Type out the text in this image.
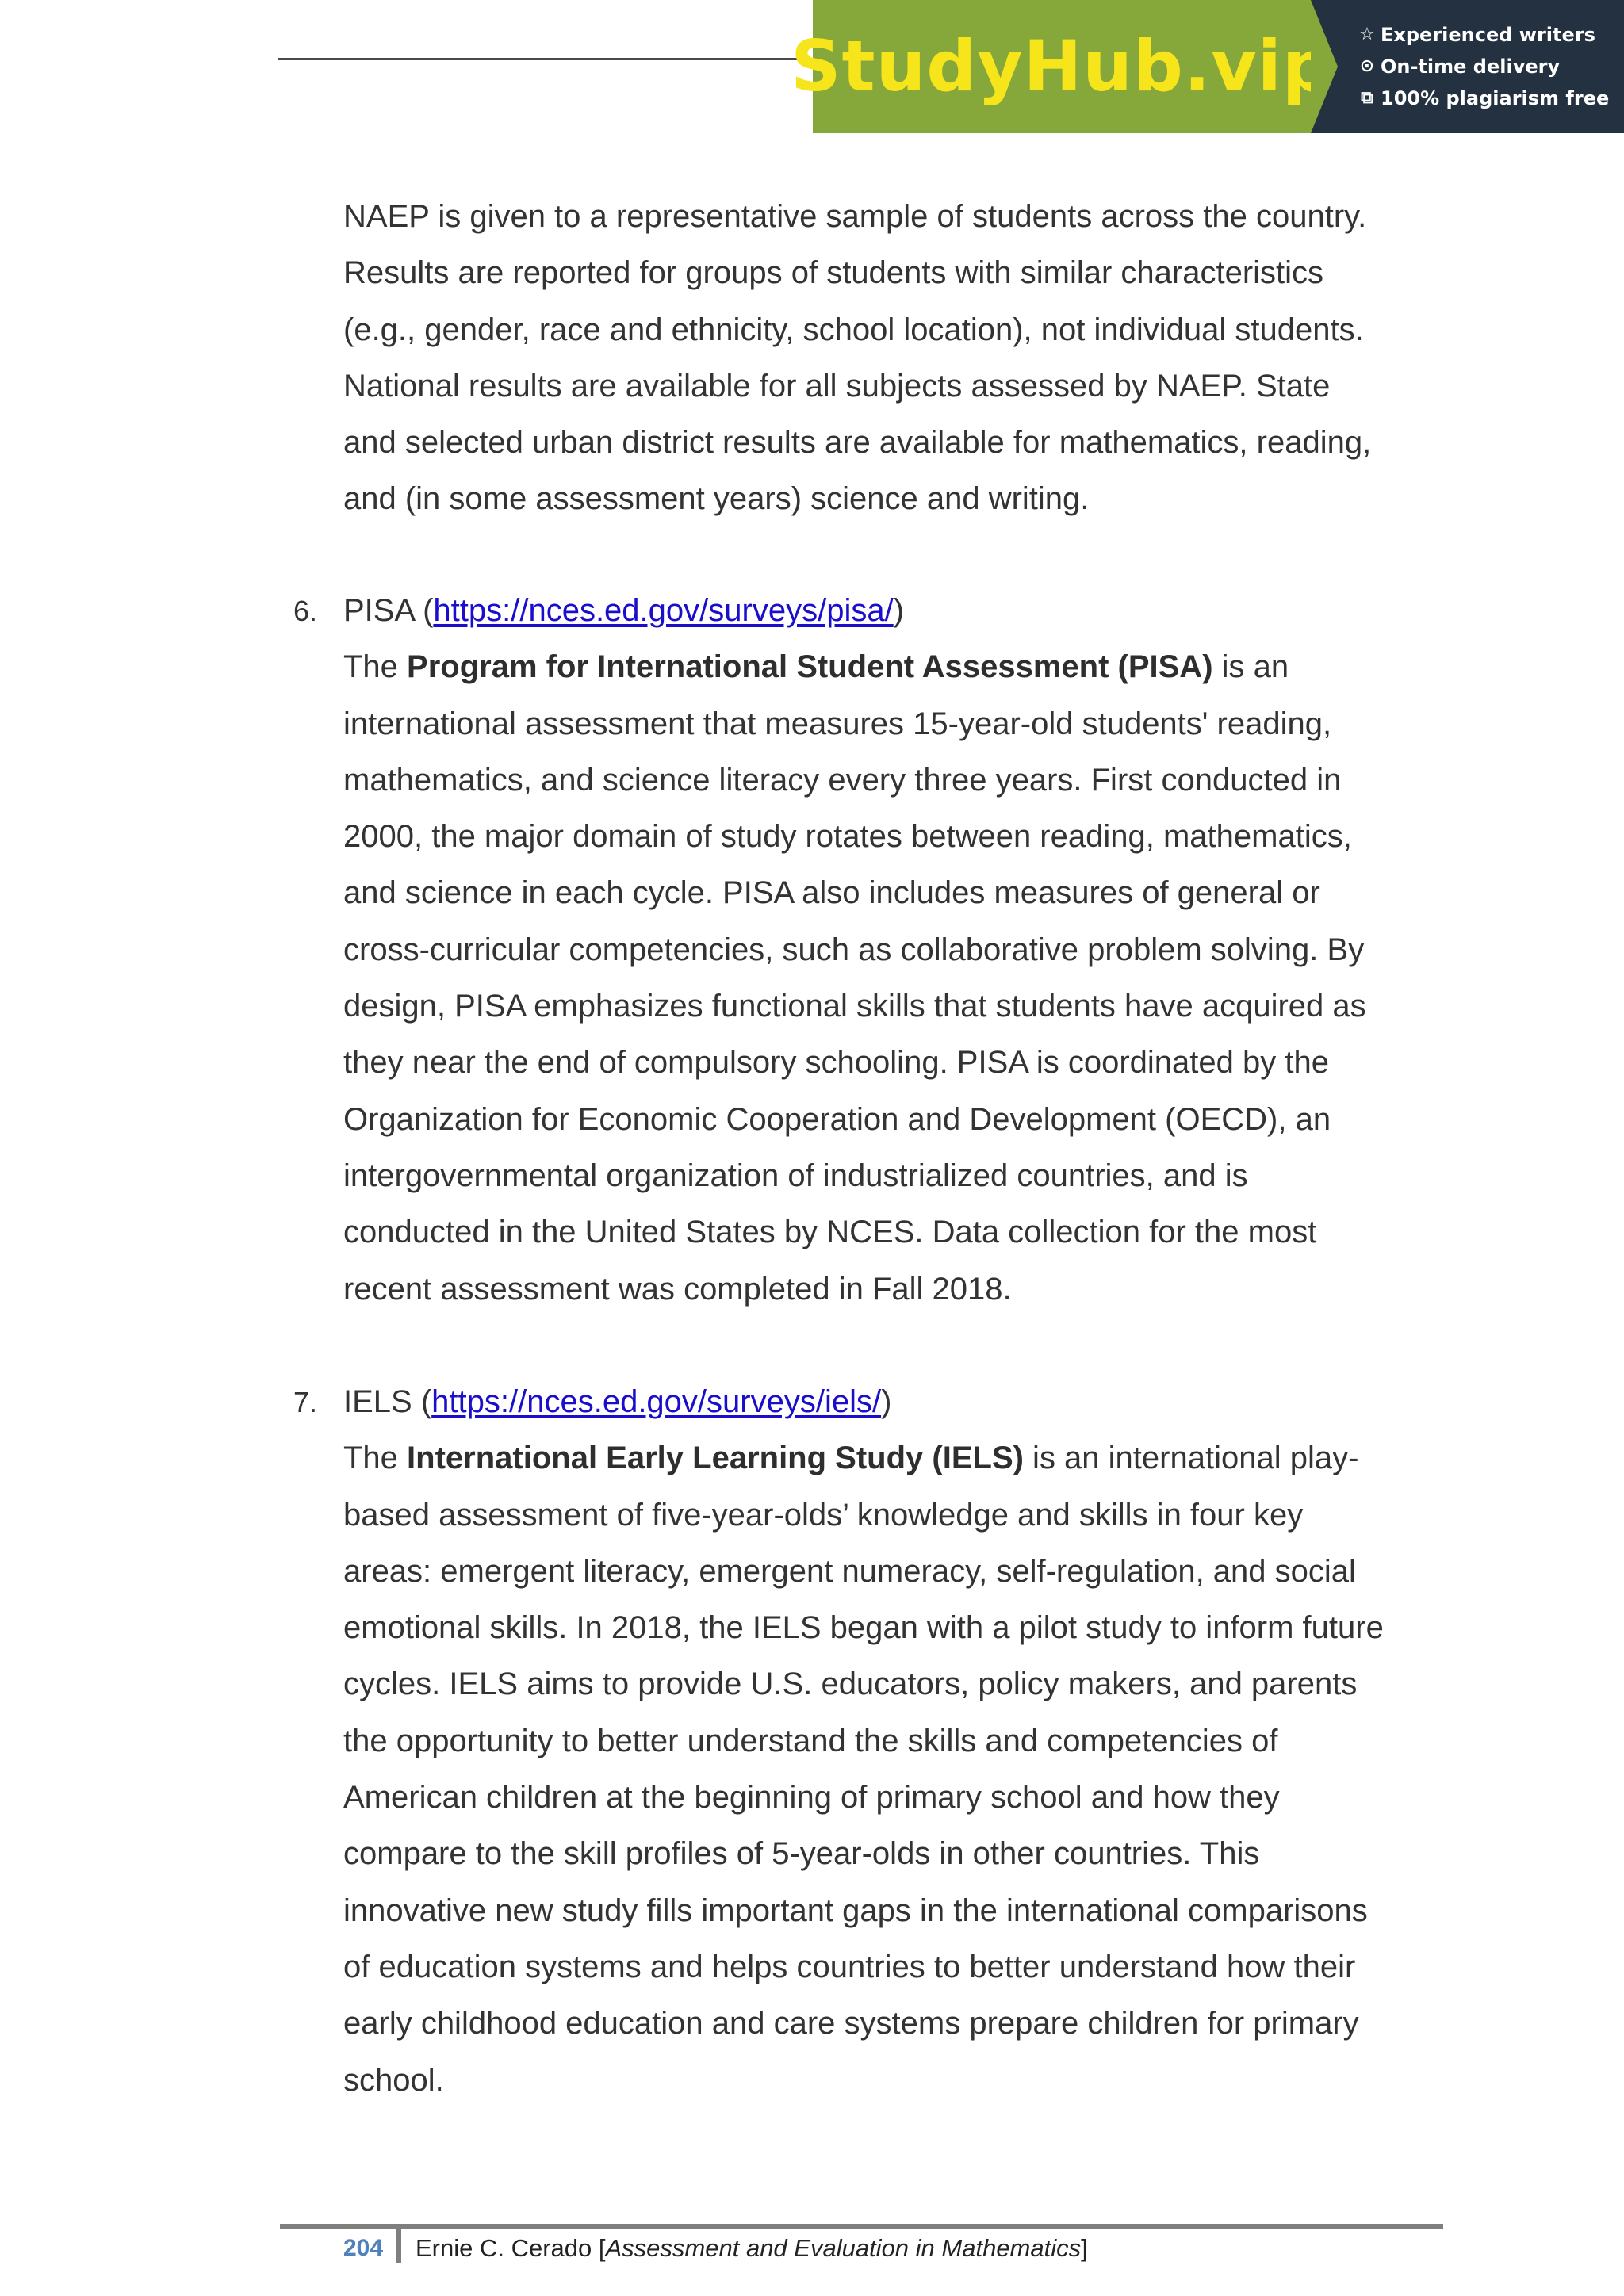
StudyHub.vip ☆ Experienced writers
⊙ On-time delivery
⧉ 100% plagiarism free
NAEP is given to a representative sample of students across the country.
Results are reported for groups of students with similar characteristics
(e.g., gender, race and ethnicity, school location), not individual students.
National results are available for all subjects assessed by NAEP. State
and selected urban district results are available for mathematics, reading,
and (in some assessment years) science and writing.
6. PISA (https://nces.ed.gov/surveys/pisa/)
The Program for International Student Assessment (PISA) is an
international assessment that measures 15-year-old students' reading,
mathematics, and science literacy every three years. First conducted in
2000, the major domain of study rotates between reading, mathematics,
and science in each cycle. PISA also includes measures of general or
cross-curricular competencies, such as collaborative problem solving. By
design, PISA emphasizes functional skills that students have acquired as
they near the end of compulsory schooling. PISA is coordinated by the
Organization for Economic Cooperation and Development (OECD), an
intergovernmental organization of industrialized countries, and is
conducted in the United States by NCES. Data collection for the most
recent assessment was completed in Fall 2018.
7. IELS (https://nces.ed.gov/surveys/iels/)
The International Early Learning Study (IELS) is an international play-
based assessment of five-year-olds’ knowledge and skills in four key
areas: emergent literacy, emergent numeracy, self-regulation, and social
emotional skills. In 2018, the IELS began with a pilot study to inform future
cycles. IELS aims to provide U.S. educators, policy makers, and parents
the opportunity to better understand the skills and competencies of
American children at the beginning of primary school and how they
compare to the skill profiles of 5-year-olds in other countries. This
innovative new study fills important gaps in the international comparisons
of education systems and helps countries to better understand how their
early childhood education and care systems prepare children for primary
school.
204 Ernie C. Cerado [Assessment and Evaluation in Mathematics]
